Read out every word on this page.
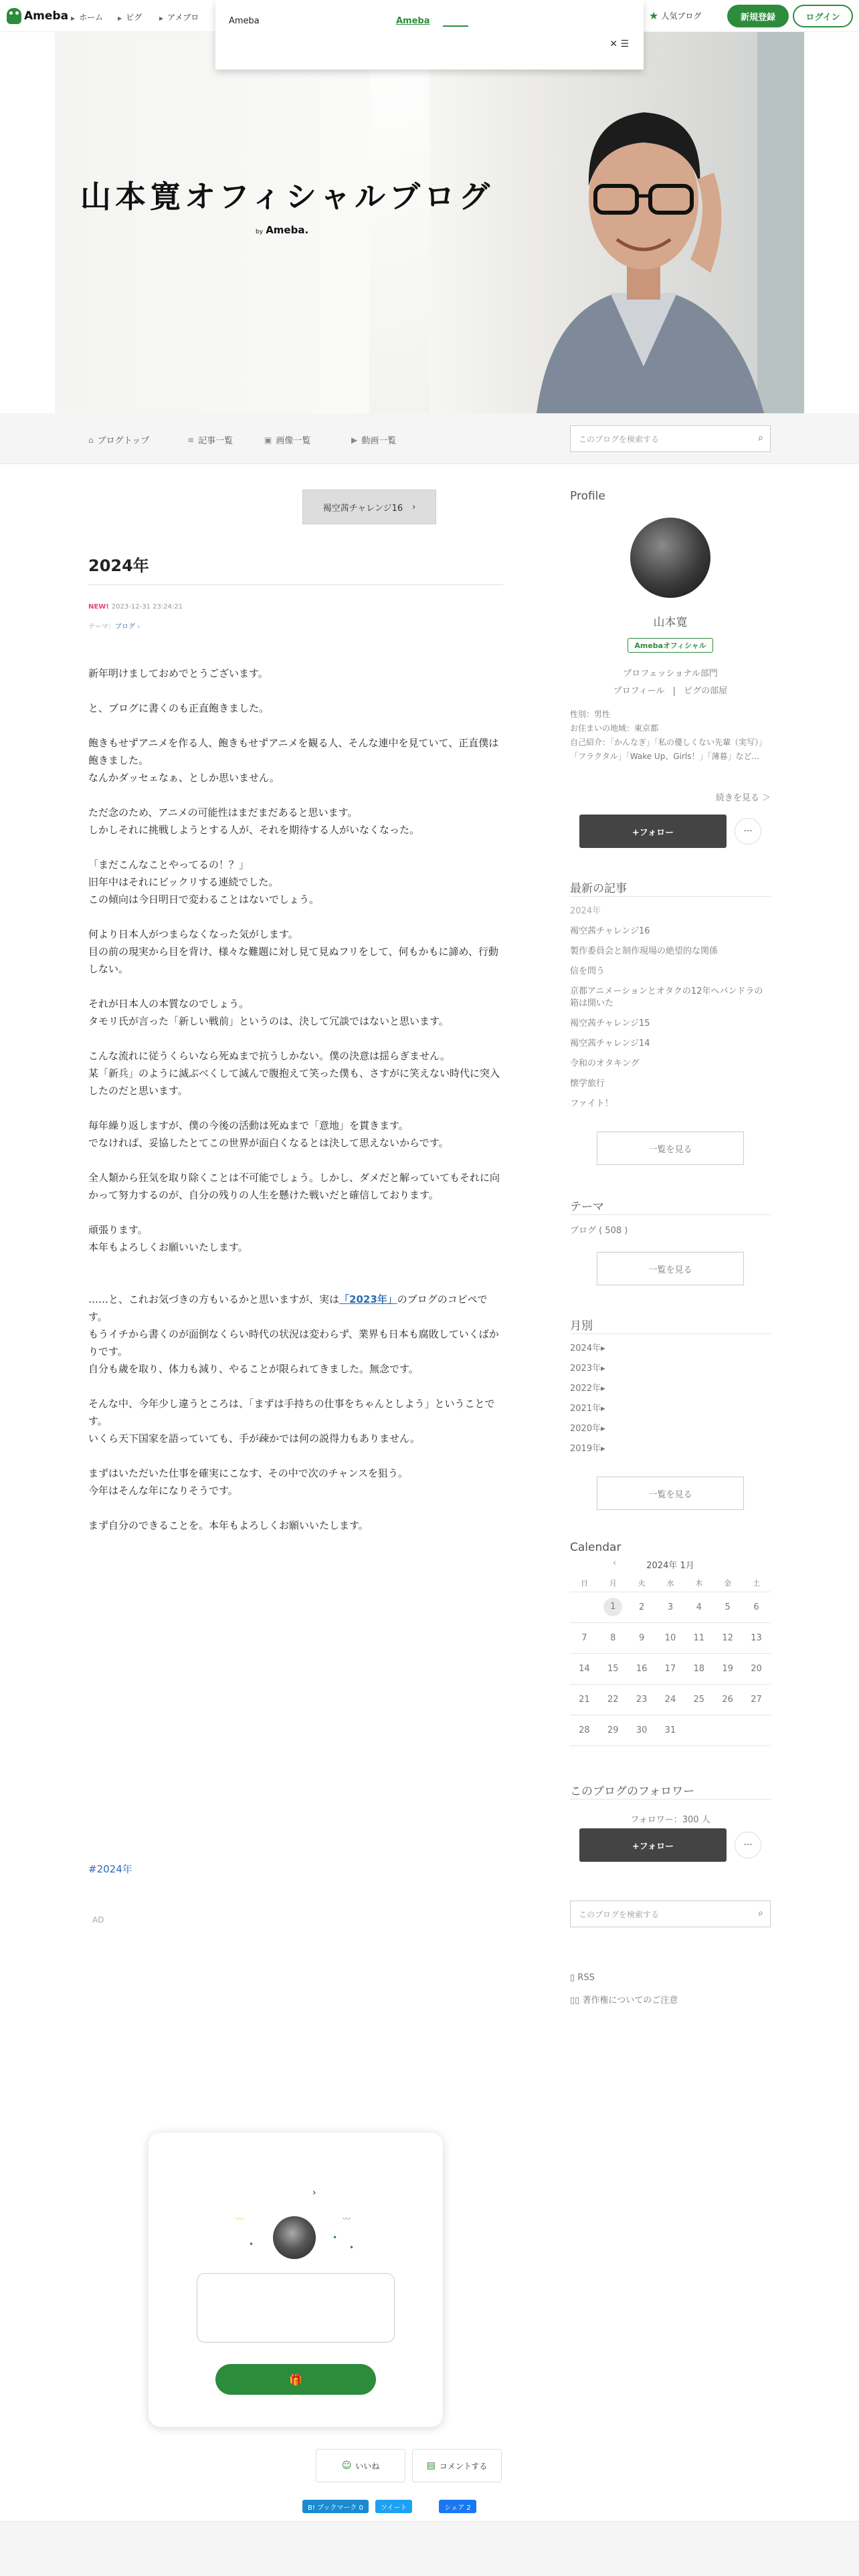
Ameba ▶ ホーム	▶ ピグ	▶ アメブロ	★ 人気ブログ	新規登録	ログイン
Ameba	Ameba
✕ ☰
山本寛オフィシャルブログ
by Ameba.
⌂ ブログトップ	≡ 記事一覧	▣ 画像一覧	▶ 動画一覧	このブログを検索する	⌕
褐空茜チャレンジ16 ›
2024年
NEW! 2023-12-31 23:24:21
テーマ：ブログ ›

新年明けましておめでとうございます。

と、ブログに書くのも正直飽きました。

飽きもせずアニメを作る人、飽きもせずアニメを観る人、そんな連中を見ていて、正直僕は飽きました。
なんかダッセェなぁ、としか思いません。

ただ念のため、アニメの可能性はまだまだあると思います。
しかしそれに挑戦しようとする人が、それを期待する人がいなくなった。

「まだこんなことやってるの！？」
旧年中はそれにビックリする連続でした。
この傾向は今日明日で変わることはないでしょう。

何より日本人がつまらなくなった気がします。
目の前の現実から目を背け、様々な難題に対し見て見ぬフリをして、何もかもに諦め、行動しない。

それが日本人の本質なのでしょう。
タモリ氏が言った「新しい戦前」というのは、決して冗談ではないと思います。

こんな流れに従うくらいなら死ぬまで抗うしかない。僕の決意は揺らぎません。
某「新兵」のように滅ぶべくして滅んで腹抱えて笑った僕も、さすがに笑えない時代に突入したのだと思います。

毎年繰り返しますが、僕の今後の活動は死ぬまで「意地」を貫きます。
でなければ、妥協したとてこの世界が面白くなるとは決して思えないからです。

全人類から狂気を取り除くことは不可能でしょう。しかし、ダメだと解っていてもそれに向かって努力するのが、自分の残りの人生を懸けた戦いだと確信しております。

頑張ります。
本年もよろしくお願いいたします。

……と、これお気づきの方もいるかと思いますが、実は「2023年」のブログのコピペです。
もうイチから書くのが面倒なくらい時代の状況は変わらず、業界も日本も腐敗していくばかりです。
自分も歳を取り、体力も減り、やることが限られてきました。無念です。

そんな中、今年少し違うところは、「まずは手持ちの仕事をちゃんとしよう」ということです。
いくら天下国家を語っていても、手が疎かでは何の説得力もありません。

まずはいただいた仕事を確実にこなす、その中で次のチャンスを狙う。
今年はそんな年になりそうです。

まず自分のできることを。本年もよろしくお願いいたします。

#2024年
AD
›
〰	〰
•
•
•
🎁
☺ いいね	▤ コメントする
B! ブックマーク 0	ツイート	シェア 2
Profile
山本寛
Amebaオフィシャル
プロフェッショナル部門
プロフィール | ピグの部屋
性別：男性
お住まいの地域：東京都
自己紹介：「かんなぎ」「私の優しくない先輩（実写）」「フラクタル」「Wake Up、Girls！」「薄暮」など...
続きを見る ＞
+フォロー	···
最新の記事
2024年
褐空茜チャレンジ16
製作委員会と制作現場の絶望的な関係
信を問う
京都アニメーションとオタクの12年ヘバンドラの箱は開いた
褐空茜チャレンジ15
褐空茜チャレンジ14
令和のオタキング
懐学旅行
ファイト！
一覧を見る
テーマ
ブログ ( 508 )
一覧を見る
月別
2024年▸
2023年▸
2022年▸
2021年▸
2020年▸
2019年▸
一覧を見る
Calendar
‹	2024年 1月
日	月	火	水	木	金	土
	1	2	3	4	5	6
7	8	9	10	11	12	13
14	15	16	17	18	19	20
21	22	23	24	25	26	27
28	29	30	31			
このブログのフォロワー
フォロワー：300 人
+フォロー	···
このブログを検索する	⌕
▯ RSS
▯▯ 著作権についてのご注意
